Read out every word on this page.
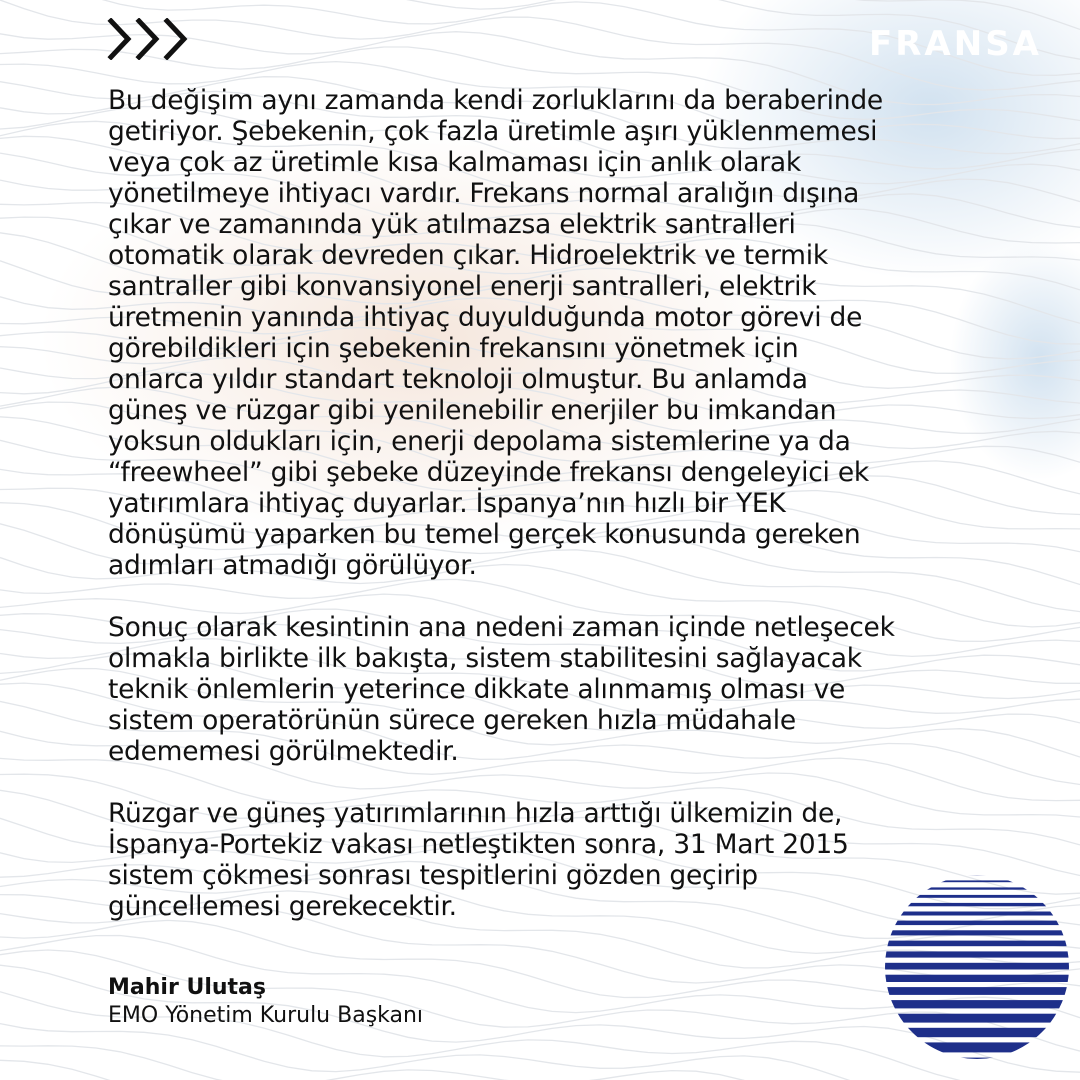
FRANSA

Bu değişim aynı zamanda kendi zorluklarını da beraberinde
getiriyor. Şebekenin, çok fazla üretimle aşırı yüklenmemesi
veya çok az üretimle kısa kalmaması için anlık olarak
yönetilmeye ihtiyacı vardır. Frekans normal aralığın dışına
çıkar ve zamanında yük atılmazsa elektrik santralleri
otomatik olarak devreden çıkar. Hidroelektrik ve termik
santraller gibi konvansiyonel enerji santralleri, elektrik
üretmenin yanında ihtiyaç duyulduğunda motor görevi de
görebildikleri için şebekenin frekansını yönetmek için
onlarca yıldır standart teknoloji olmuştur. Bu anlamda
güneş ve rüzgar gibi yenilenebilir enerjiler bu imkandan
yoksun oldukları için, enerji depolama sistemlerine ya da
“freewheel” gibi şebeke düzeyinde frekansı dengeleyici ek
yatırımlara ihtiyaç duyarlar. İspanya’nın hızlı bir YEK
dönüşümü yaparken bu temel gerçek konusunda gereken
adımları atmadığı görülüyor.

Sonuç olarak kesintinin ana nedeni zaman içinde netleşecek
olmakla birlikte ilk bakışta, sistem stabilitesini sağlayacak
teknik önlemlerin yeterince dikkate alınmamış olması ve
sistem operatörünün sürece gereken hızla müdahale
edememesi görülmektedir.

Rüzgar ve güneş yatırımlarının hızla arttığı ülkemizin de,
İspanya-Portekiz vakası netleştikten sonra, 31 Mart 2015
sistem çökmesi sonrası tespitlerini gözden geçirip
güncellemesi gerekecektir.

Mahir Ulutaş
EMO Yönetim Kurulu Başkanı
